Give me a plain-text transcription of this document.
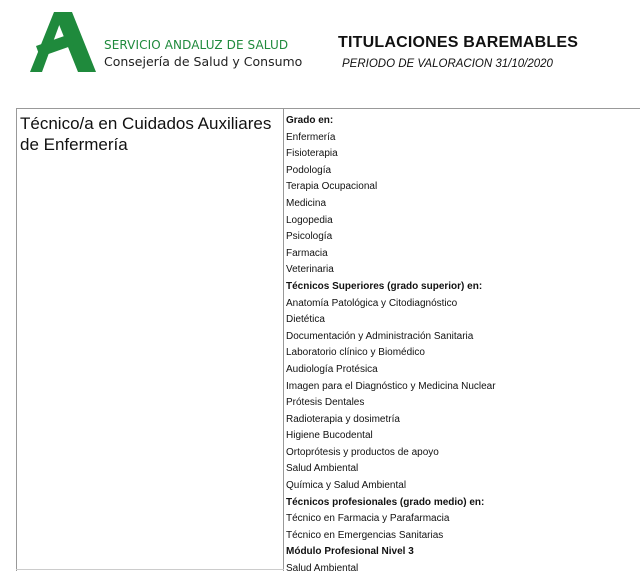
SERVICIO ANDALUZ DE SALUD
Consejería de Salud y Consumo
TITULACIONES BAREMABLES
PERIODO DE VALORACION 31/10/2020
Técnico/a en Cuidados Auxiliares de Enfermería
Grado en:
Enfermería
Fisioterapia
Podología
Terapia Ocupacional
Medicina
Logopedia
Psicología
Farmacia
Veterinaria
Técnicos Superiores (grado superior) en:
Anatomía Patológica y Citodiagnóstico
Dietética
Documentación y Administración Sanitaria
Laboratorio clínico y Biomédico
Audiología Protésica
Imagen para el Diagnóstico y Medicina Nuclear
Prótesis Dentales
Radioterapia y dosimetría
Higiene Bucodental
Ortoprótesis y productos de apoyo
Salud Ambiental
Química y Salud Ambiental
Técnicos profesionales (grado medio) en:
Técnico en Farmacia y Parafarmacia
Técnico en Emergencias Sanitarias
Módulo Profesional Nivel 3
Salud Ambiental
